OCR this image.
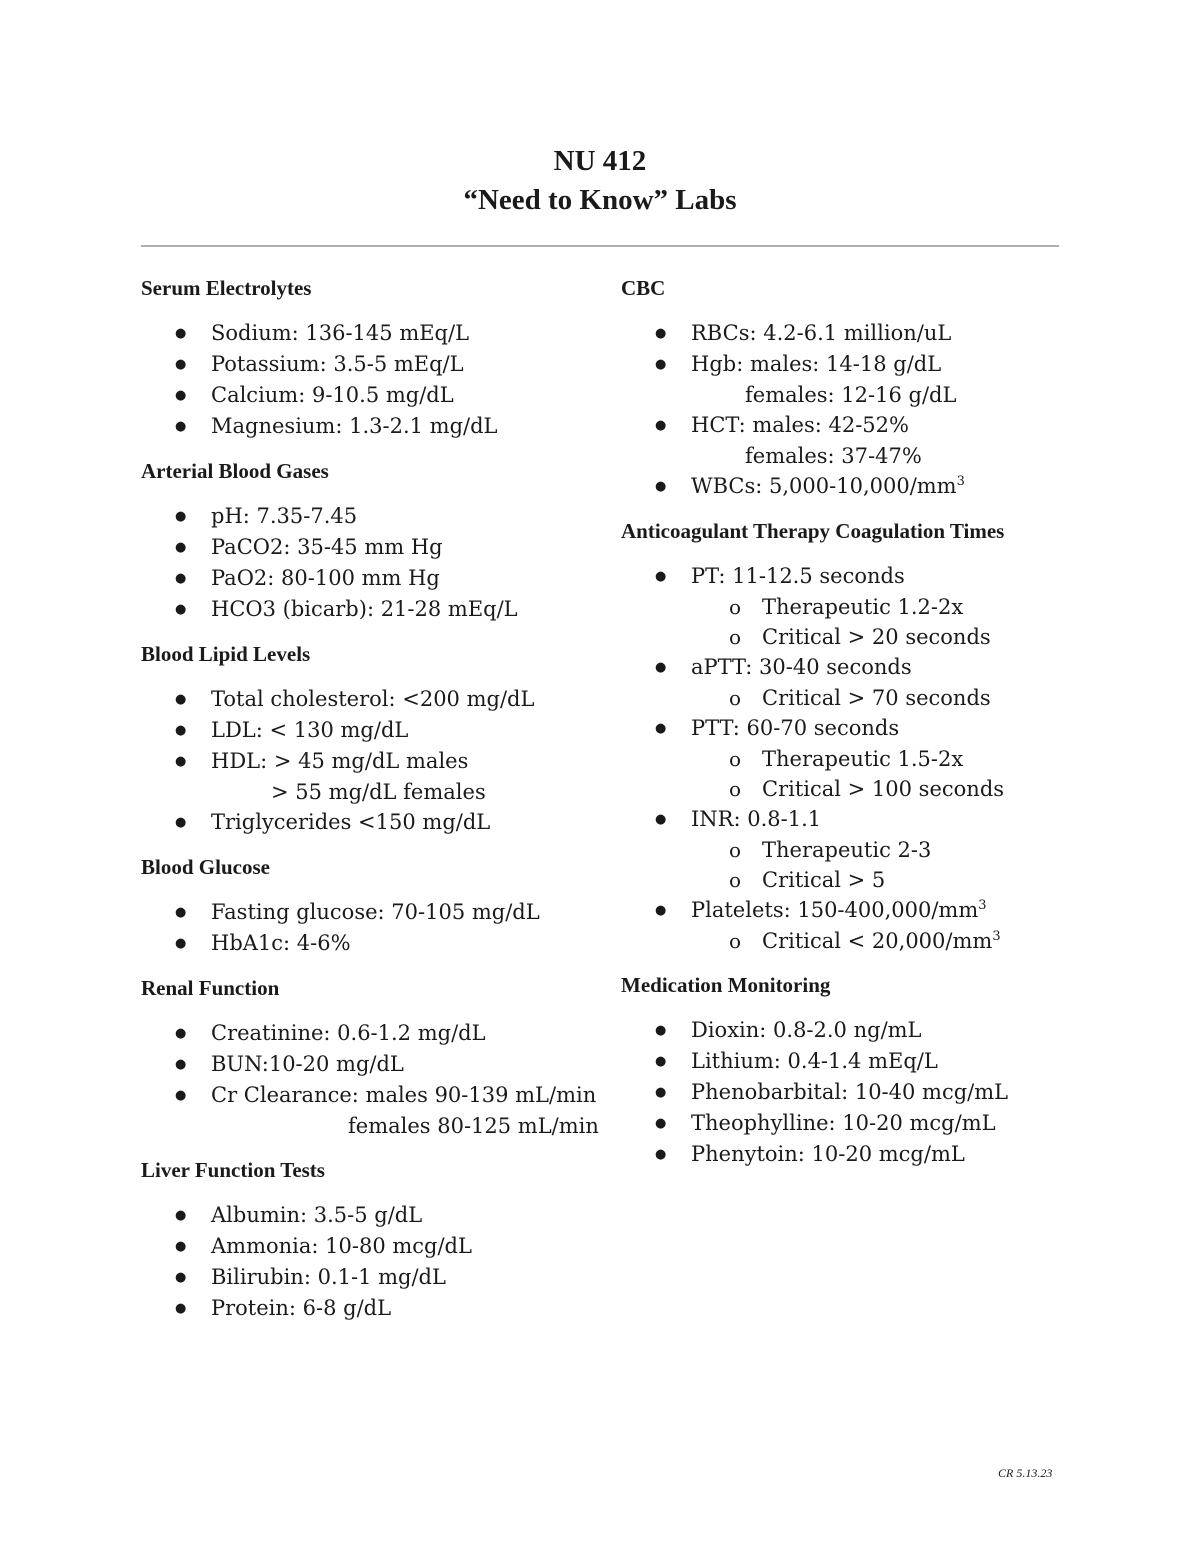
NU 412
“Need to Know” Labs
Serum Electrolytes
● Sodium: 136-145 mEq/L
● Potassium: 3.5-5 mEq/L
● Calcium: 9-10.5 mg/dL
● Magnesium: 1.3-2.1 mg/dL
Arterial Blood Gases
● pH: 7.35-7.45
● PaCO2: 35-45 mm Hg
● PaO2: 80-100 mm Hg
● HCO3 (bicarb): 21-28 mEq/L
Blood Lipid Levels
● Total cholesterol: <200 mg/dL
● LDL: < 130 mg/dL
● HDL: > 45 mg/dL males
> 55 mg/dL females
● Triglycerides <150 mg/dL
Blood Glucose
● Fasting glucose: 70-105 mg/dL
● HbA1c: 4-6%
Renal Function
● Creatinine: 0.6-1.2 mg/dL
● BUN:10-20 mg/dL
● Cr Clearance: males 90-139 mL/min
females 80-125 mL/min
Liver Function Tests
● Albumin: 3.5-5 g/dL
● Ammonia: 10-80 mcg/dL
● Bilirubin: 0.1-1 mg/dL
● Protein: 6-8 g/dL
CBC
● RBCs: 4.2-6.1 million/uL
● Hgb: males: 14-18 g/dL
females: 12-16 g/dL
● HCT: males: 42-52%
females: 37-47%
● WBCs: $5,000-10,000/mm^3$
Anticoagulant Therapy Coagulation Times
● PT: 11-12.5 seconds
o Therapeutic 1.2-2x
o Critical > 20 seconds
● aPTT: 30-40 seconds
o Critical > 70 seconds
● PTT: 60-70 seconds
o Therapeutic 1.5-2x
o Critical > 100 seconds
● INR: 0.8-1.1
o Therapeutic 2-3
o Critical > 5
● Platelets: $150-400,000/mm^3$
o Critical < $20,000/mm^3$
Medication Monitoring
● Dioxin: 0.8-2.0 ng/mL
● Lithium: 0.4-1.4 mEq/L
● Phenobarbital: 10-40 mcg/mL
● Theophylline: 10-20 mcg/mL
● Phenytoin: 10-20 mcg/mL
CR 5.13.23
